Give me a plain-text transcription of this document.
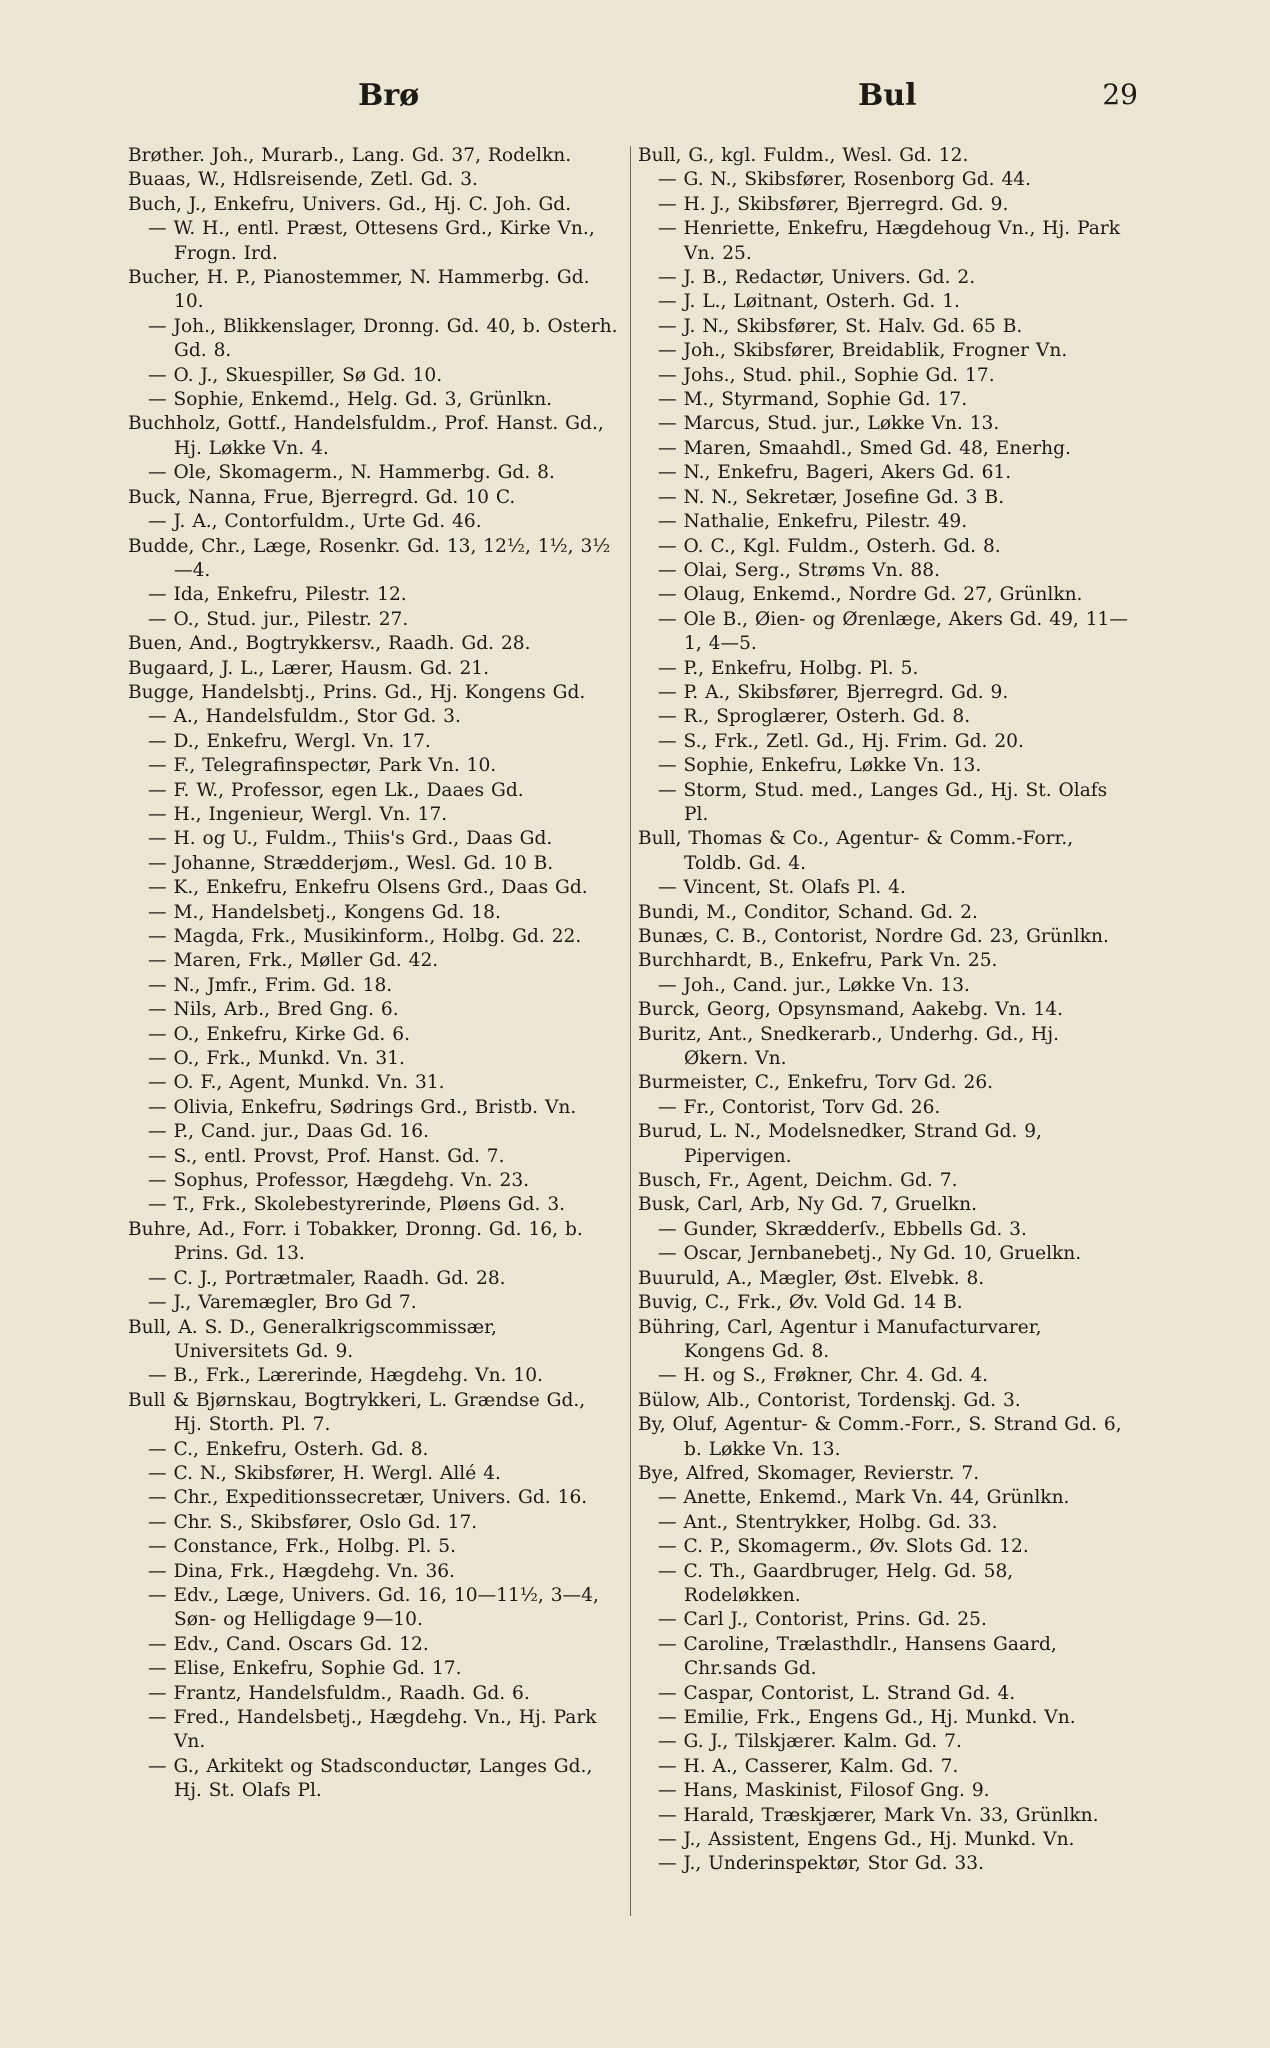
Brø	Bul	29
Brøther. Joh., Murarb., Lang. Gd. 37, Rodelkn.
Buaas, W., Hdlsreisende, Zetl. Gd. 3.
Buch, J., Enkefru, Univers. Gd., Hj. C. Joh. Gd.
— W. H., entl. Præst, Ottesens Grd., Kirke Vn., Frogn. Ird.
Bucher, H. P., Pianostemmer, N. Hammerbg. Gd. 10.
— Joh., Blikkenslager, Dronng. Gd. 40, b. Osterh. Gd. 8.
— O. J., Skuespiller, Sø Gd. 10.
— Sophie, Enkemd., Helg. Gd. 3, Grünlkn.
Buchholz, Gottf., Handelsfuldm., Prof. Hanst. Gd., Hj. Løkke Vn. 4.
— Ole, Skomagerm., N. Hammerbg. Gd. 8.
Buck, Nanna, Frue, Bjerregrd. Gd. 10 C.
— J. A., Contorfuldm., Urte Gd. 46.
Budde, Chr., Læge, Rosenkr. Gd. 13, 12½, 1½, 3½—4.
— Ida, Enkefru, Pilestr. 12.
— O., Stud. jur., Pilestr. 27.
Buen, And., Bogtrykkersv., Raadh. Gd. 28.
Bugaard, J. L., Lærer, Hausm. Gd. 21.
Bugge, Handelsbtj., Prins. Gd., Hj. Kongens Gd.
— A., Handelsfuldm., Stor Gd. 3.
— D., Enkefru, Wergl. Vn. 17.
— F., Telegrafinspectør, Park Vn. 10.
— F. W., Professor, egen Lk., Daaes Gd.
— H., Ingenieur, Wergl. Vn. 17.
— H. og U., Fuldm., Thiis's Grd., Daas Gd.
— Johanne, Strædderjøm., Wesl. Gd. 10 B.
— K., Enkefru, Enkefru Olsens Grd., Daas Gd.
— M., Handelsbetj., Kongens Gd. 18.
— Magda, Frk., Musikinform., Holbg. Gd. 22.
— Maren, Frk., Møller Gd. 42.
— N., Jmfr., Frim. Gd. 18.
— Nils, Arb., Bred Gng. 6.
— O., Enkefru, Kirke Gd. 6.
— O., Frk., Munkd. Vn. 31.
— O. F., Agent, Munkd. Vn. 31.
— Olivia, Enkefru, Sødrings Grd., Bristb. Vn.
— P., Cand. jur., Daas Gd. 16.
— S., entl. Provst, Prof. Hanst. Gd. 7.
— Sophus, Professor, Hægdehg. Vn. 23.
— T., Frk., Skolebestyrerinde, Pløens Gd. 3.
Buhre, Ad., Forr. i Tobakker, Dronng. Gd. 16, b. Prins. Gd. 13.
— C. J., Portrætmaler, Raadh. Gd. 28.
— J., Varemægler, Bro Gd 7.
Bull, A. S. D., Generalkrigscommissær, Universitets Gd. 9.
— B., Frk., Lærerinde, Hægdehg. Vn. 10.
Bull & Bjørnskau, Bogtrykkeri, L. Grændse Gd., Hj. Storth. Pl. 7.
— C., Enkefru, Osterh. Gd. 8.
— C. N., Skibsfører, H. Wergl. Allé 4.
— Chr., Expeditionssecretær, Univers. Gd. 16.
— Chr. S., Skibsfører, Oslo Gd. 17.
— Constance, Frk., Holbg. Pl. 5.
— Dina, Frk., Hægdehg. Vn. 36.
— Edv., Læge, Univers. Gd. 16, 10—11½, 3—4, Søn- og Helligdage 9—10.
— Edv., Cand. Oscars Gd. 12.
— Elise, Enkefru, Sophie Gd. 17.
— Frantz, Handelsfuldm., Raadh. Gd. 6.
— Fred., Handelsbetj., Hægdehg. Vn., Hj. Park Vn.
— G., Arkitekt og Stadsconductør, Langes Gd., Hj. St. Olafs Pl.
Bull, G., kgl. Fuldm., Wesl. Gd. 12.
— G. N., Skibsfører, Rosenborg Gd. 44.
— H. J., Skibsfører, Bjerregrd. Gd. 9.
— Henriette, Enkefru, Hægdehoug Vn., Hj. Park Vn. 25.
— J. B., Redactør, Univers. Gd. 2.
— J. L., Løitnant, Osterh. Gd. 1.
— J. N., Skibsfører, St. Halv. Gd. 65 B.
— Joh., Skibsfører, Breidablik, Frogner Vn.
— Johs., Stud. phil., Sophie Gd. 17.
— M., Styrmand, Sophie Gd. 17.
— Marcus, Stud. jur., Løkke Vn. 13.
— Maren, Smaahdl., Smed Gd. 48, Enerhg.
— N., Enkefru, Bageri, Akers Gd. 61.
— N. N., Sekretær, Josefine Gd. 3 B.
— Nathalie, Enkefru, Pilestr. 49.
— O. C., Kgl. Fuldm., Osterh. Gd. 8.
— Olai, Serg., Strøms Vn. 88.
— Olaug, Enkemd., Nordre Gd. 27, Grünlkn.
— Ole B., Øien- og Ørenlæge, Akers Gd. 49, 11—1, 4—5.
— P., Enkefru, Holbg. Pl. 5.
— P. A., Skibsfører, Bjerregrd. Gd. 9.
— R., Sproglærer, Osterh. Gd. 8.
— S., Frk., Zetl. Gd., Hj. Frim. Gd. 20.
— Sophie, Enkefru, Løkke Vn. 13.
— Storm, Stud. med., Langes Gd., Hj. St. Olafs Pl.
Bull, Thomas & Co., Agentur- & Comm.-Forr., Toldb. Gd. 4.
— Vincent, St. Olafs Pl. 4.
Bundi, M., Conditor, Schand. Gd. 2.
Bunæs, C. B., Contorist, Nordre Gd. 23, Grünlkn.
Burchhardt, B., Enkefru, Park Vn. 25.
— Joh., Cand. jur., Løkke Vn. 13.
Burck, Georg, Opsynsmand, Aakebg. Vn. 14.
Buritz, Ant., Snedkerarb., Underhg. Gd., Hj. Økern. Vn.
Burmeister, C., Enkefru, Torv Gd. 26.
— Fr., Contorist, Torv Gd. 26.
Burud, L. N., Modelsnedker, Strand Gd. 9, Pipervigen.
Busch, Fr., Agent, Deichm. Gd. 7.
Busk, Carl, Arb, Ny Gd. 7, Gruelkn.
— Gunder, Skrædderſv., Ebbells Gd. 3.
— Oscar, Jernbanebetj., Ny Gd. 10, Gruelkn.
Buuruld, A., Mægler, Øst. Elvebk. 8.
Buvig, C., Frk., Øv. Vold Gd. 14 B.
Bühring, Carl, Agentur i Manufacturvarer, Kongens Gd. 8.
— H. og S., Frøkner, Chr. 4. Gd. 4.
Bülow, Alb., Contorist, Tordenskj. Gd. 3.
By, Oluf, Agentur- & Comm.-Forr., S. Strand Gd. 6, b. Løkke Vn. 13.
Bye, Alfred, Skomager, Revierstr. 7.
— Anette, Enkemd., Mark Vn. 44, Grünlkn.
— Ant., Stentrykker, Holbg. Gd. 33.
— C. P., Skomagerm., Øv. Slots Gd. 12.
— C. Th., Gaardbruger, Helg. Gd. 58, Rodeløkken.
— Carl J., Contorist, Prins. Gd. 25.
— Caroline, Trælasthdlr., Hansens Gaard, Chr.sands Gd.
— Caspar, Contorist, L. Strand Gd. 4.
— Emilie, Frk., Engens Gd., Hj. Munkd. Vn.
— G. J., Tilskjærer. Kalm. Gd. 7.
— H. A., Casserer, Kalm. Gd. 7.
— Hans, Maskinist, Filosof Gng. 9.
— Harald, Træskjærer, Mark Vn. 33, Grünlkn.
— J., Assistent, Engens Gd., Hj. Munkd. Vn.
— J., Underinspektør, Stor Gd. 33.
